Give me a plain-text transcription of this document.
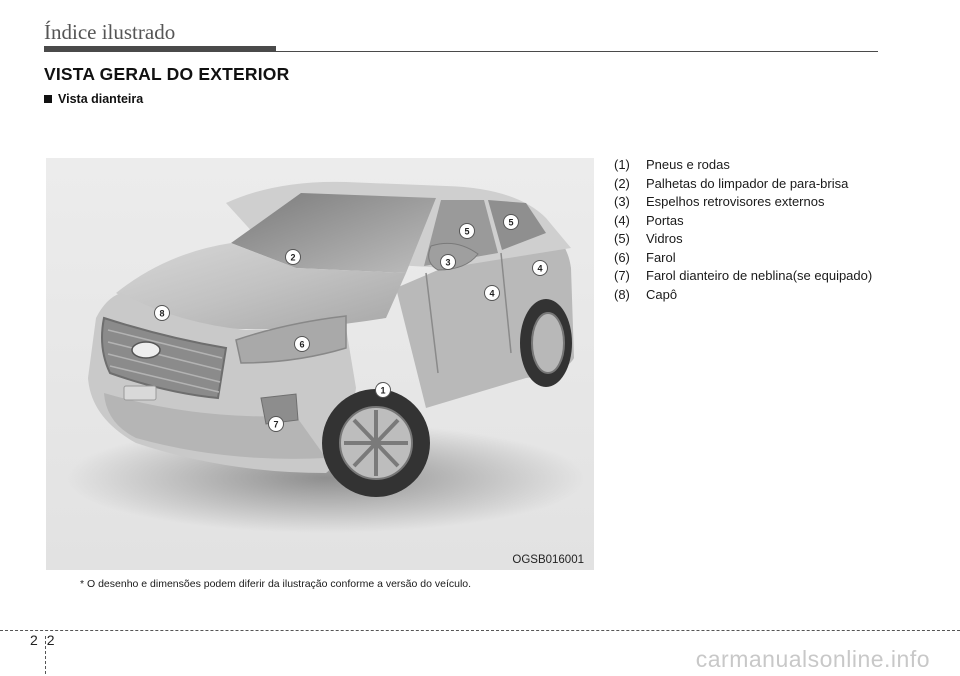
Índice ilustrado
VISTA GERAL DO EXTERIOR
Vista dianteira
1
2	3
4
4
5
5
6
7
8
OGSB016001
(1)	Pneus e rodas
(2)	Palhetas do limpador de para-brisa
(3)	Espelhos retrovisores externos
(4)	Portas
(5)	Vidros
(6)	Farol
(7)	Farol dianteiro de neblina(se equipado)
(8)	Capô
* O desenho e dimensões podem diferir da ilustração conforme a versão do veículo.
22
carmanualsonline.info
